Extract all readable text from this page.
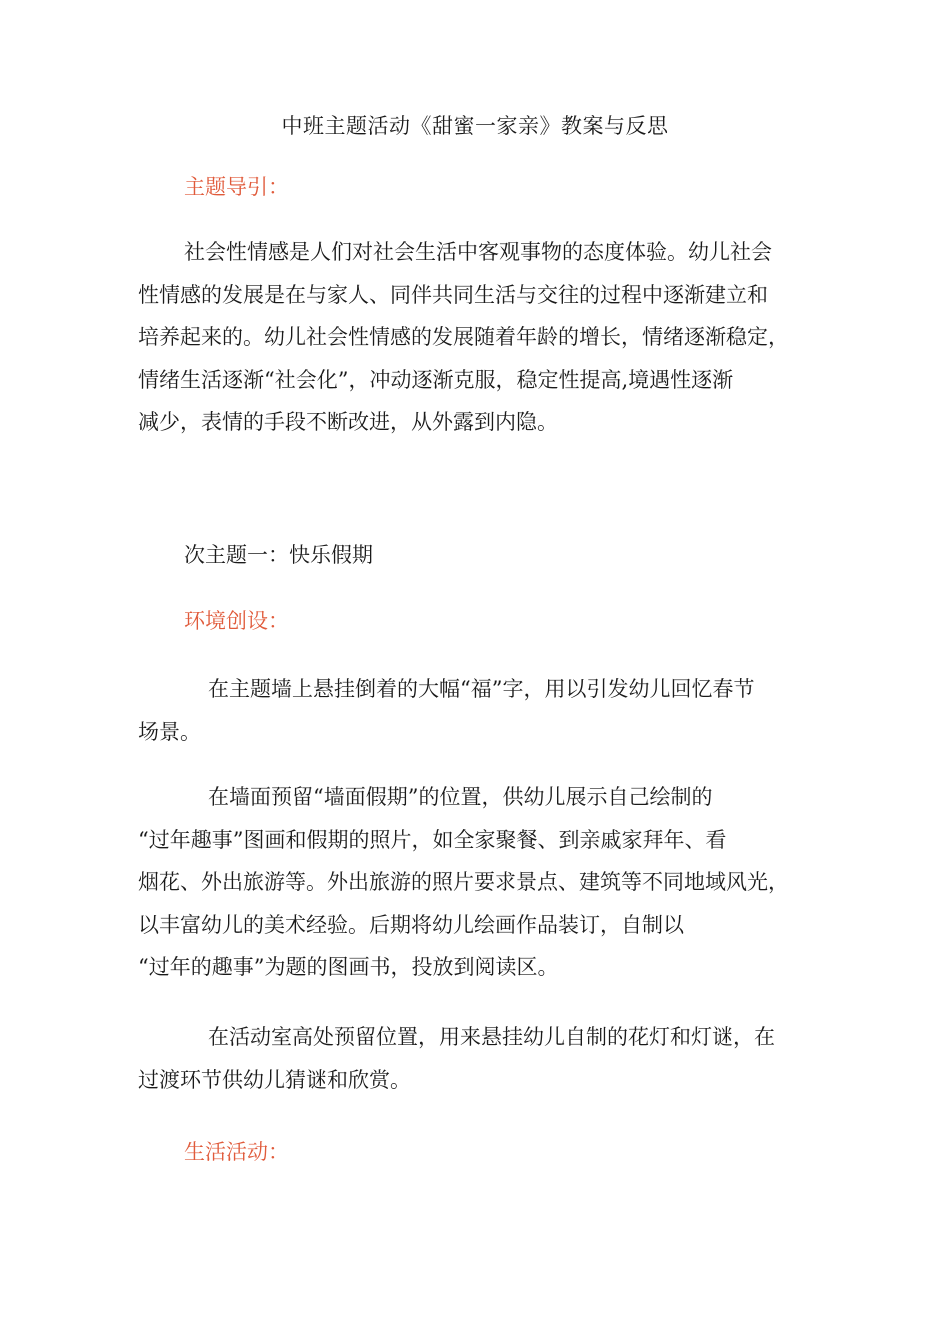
中班主题活动《甜蜜一家亲》教案与反思
主题导引：
社会性情感是人们对社会生活中客观事物的态度体验。幼儿社会
性情感的发展是在与家人、同伴共同生活与交往的过程中逐渐建立和
培养起来的。幼儿社会性情感的发展随着年龄的增长，情绪逐渐稳定，
情绪生活逐渐“社会化”，冲动逐渐克服，稳定性提高,境遇性逐渐
减少，表情的手段不断改进，从外露到内隐。
次主题一：快乐假期
环境创设：
在主题墙上悬挂倒着的大幅“福”字，用以引发幼儿回忆春节
场景。
在墙面预留“墙面假期”的位置，供幼儿展示自己绘制的
“过年趣事”图画和假期的照片，如全家聚餐、到亲戚家拜年、看
烟花、外出旅游等。外出旅游的照片要求景点、建筑等不同地域风光，
以丰富幼儿的美术经验。后期将幼儿绘画作品装订，自制以
“过年的趣事”为题的图画书，投放到阅读区。
在活动室高处预留位置，用来悬挂幼儿自制的花灯和灯谜，在
过渡环节供幼儿猜谜和欣赏。
生活活动：
